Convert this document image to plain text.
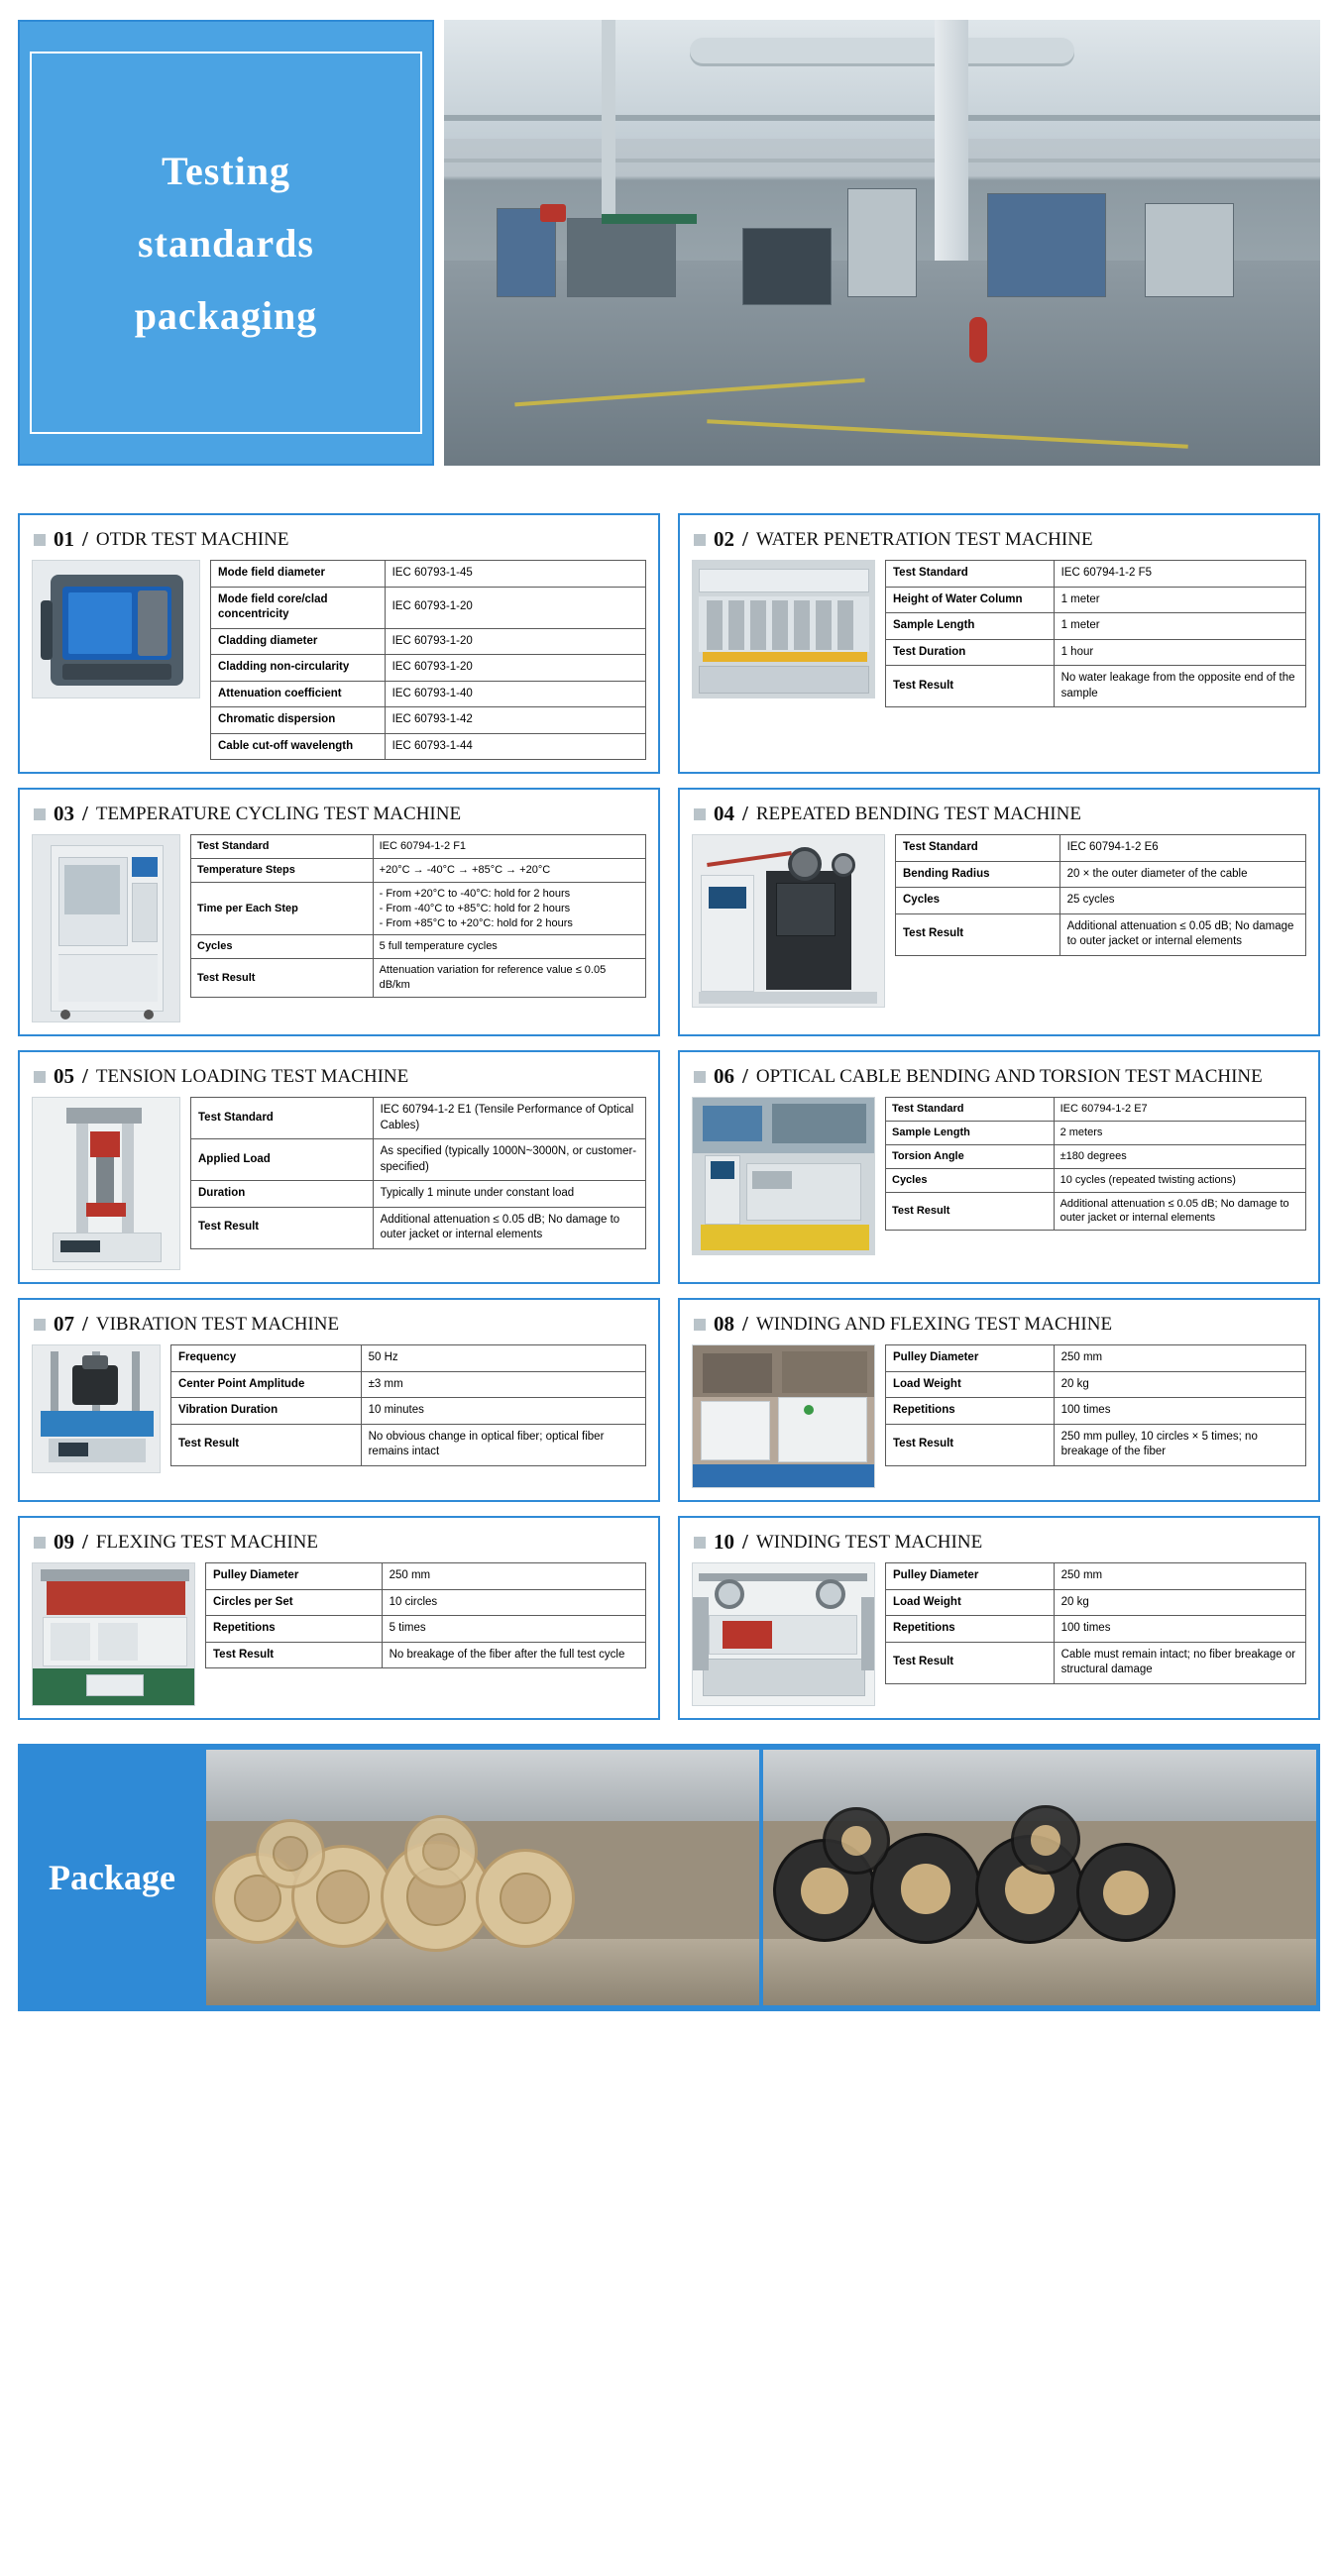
Testing
standards
packaging
01 / OTDR TEST MACHINE
Mode field diameter	IEC 60793-1-45
Mode field core/clad concentricity	IEC 60793-1-20
Cladding diameter	IEC 60793-1-20
Cladding non-circularity	IEC 60793-1-20
Attenuation coefficient	IEC 60793-1-40
Chromatic dispersion	IEC 60793-1-42
Cable cut-off wavelength	IEC 60793-1-44
02 / WATER PENETRATION TEST MACHINE
Test Standard	IEC 60794-1-2 F5
Height of Water Column	1 meter
Sample Length	1 meter
Test Duration	1 hour
Test Result	No water leakage from the opposite end of the sample
03 / TEMPERATURE CYCLING TEST MACHINE
Test Standard	IEC 60794-1-2 F1
Temperature Steps	+20°C → -40°C → +85°C → +20°C
Time per Each Step	- From +20°C to -40°C: hold for 2 hours
- From -40°C to +85°C: hold for 2 hours
- From +85°C to +20°C: hold for 2 hours
Cycles	5 full temperature cycles
Test Result	Attenuation variation for reference value ≤ 0.05 dB/km
04 / REPEATED BENDING TEST MACHINE
Test Standard	IEC 60794-1-2 E6
Bending Radius	20 × the outer diameter of the cable
Cycles	25 cycles
Test Result	Additional attenuation ≤ 0.05 dB; No damage to outer jacket or internal elements
05 / TENSION LOADING TEST MACHINE
Test Standard	IEC 60794-1-2 E1 (Tensile Performance of Optical Cables)
Applied Load	As specified (typically 1000N~3000N, or customer-specified)
Duration	Typically 1 minute under constant load
Test Result	Additional attenuation ≤ 0.05 dB; No damage to outer jacket or internal elements
06 / OPTICAL CABLE BENDING AND TORSION TEST MACHINE
Test Standard	IEC 60794-1-2 E7
Sample Length	2 meters
Torsion Angle	±180 degrees
Cycles	10 cycles (repeated twisting actions)
Test Result	Additional attenuation ≤ 0.05 dB; No damage to outer jacket or internal elements
07 / VIBRATION TEST MACHINE
Frequency	50 Hz
Center Point Amplitude	±3 mm
Vibration Duration	10 minutes
Test Result	No obvious change in optical fiber; optical fiber remains intact
08 / WINDING AND FLEXING TEST MACHINE
Pulley Diameter	250 mm
Load Weight	20 kg
Repetitions	100 times
Test Result	250 mm pulley, 10 circles × 5 times; no breakage of the fiber
09 / FLEXING TEST MACHINE
Pulley Diameter	250 mm
Circles per Set	10 circles
Repetitions	5 times
Test Result	No breakage of the fiber after the full test cycle
10 / WINDING TEST MACHINE
Pulley Diameter	250 mm
Load Weight	20 kg
Repetitions	100 times
Test Result	Cable must remain intact; no fiber breakage or structural damage
Package
